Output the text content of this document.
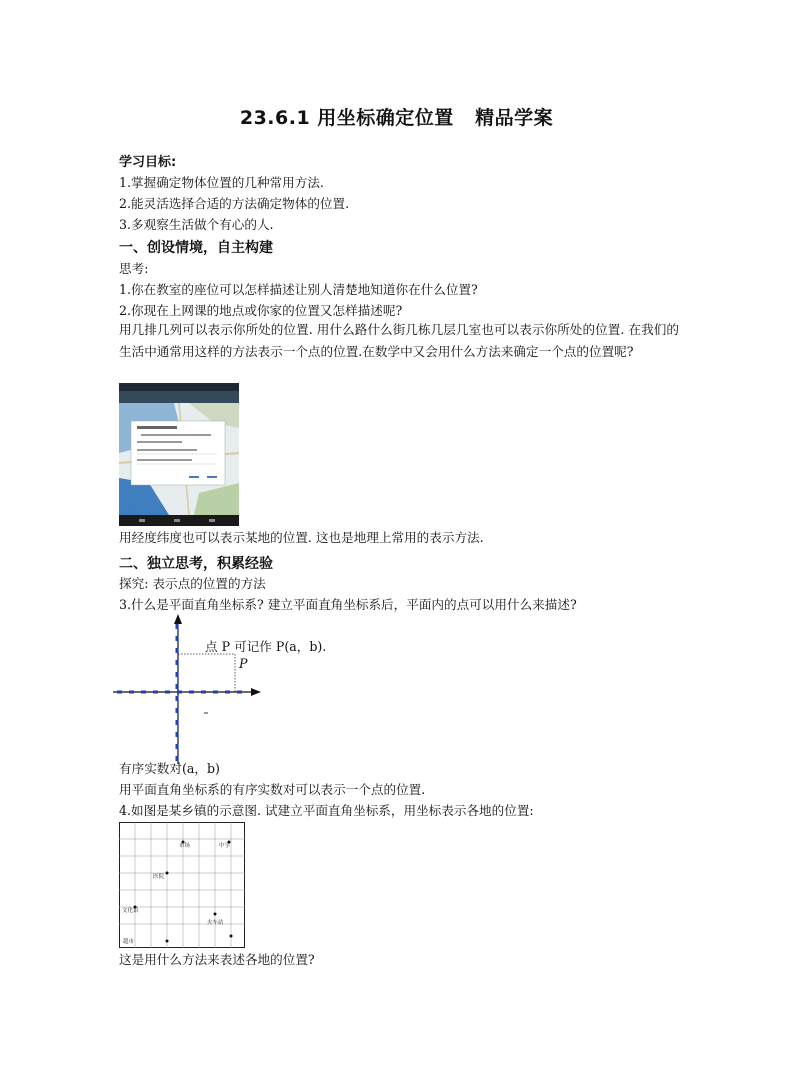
23.6.1 用坐标确定位置   精品学案
学习目标:
1.掌握确定物体位置的几种常用方法.
2.能灵活选择合适的方法确定物体的位置.
3.多观察生活做个有心的人.
一、创设情境，自主构建
思考:
1.你在教室的座位可以怎样描述让别人清楚地知道你在什么位置?
2.你现在上网课的地点或你家的位置又怎样描述呢?
用几排几列可以表示你所处的位置. 用什么路什么街几栋几层几室也可以表示你所处的位置. 在我们的生活中通常用这样的方法表示一个点的位置.在数学中又会用什么方法来确定一个点的位置呢?
用经度纬度也可以表示某地的位置. 这也是地理上常用的表示方法.
二、独立思考，积累经验
探究: 表示点的位置的方法
3.什么是平面直角坐标系? 建立平面直角坐标系后，平面内的点可以用什么来描述?
点 P 可记作 P(a，b).
P
有序实数对(a，b)
用平面直角坐标系的有序实数对可以表示一个点的位置.
4.如图是某乡镇的示意图. 试建立平面直角坐标系，用坐标表示各地的位置:
市场	中学
医院
文化馆
火车站
超市
这是用什么方法来表述各地的位置?
